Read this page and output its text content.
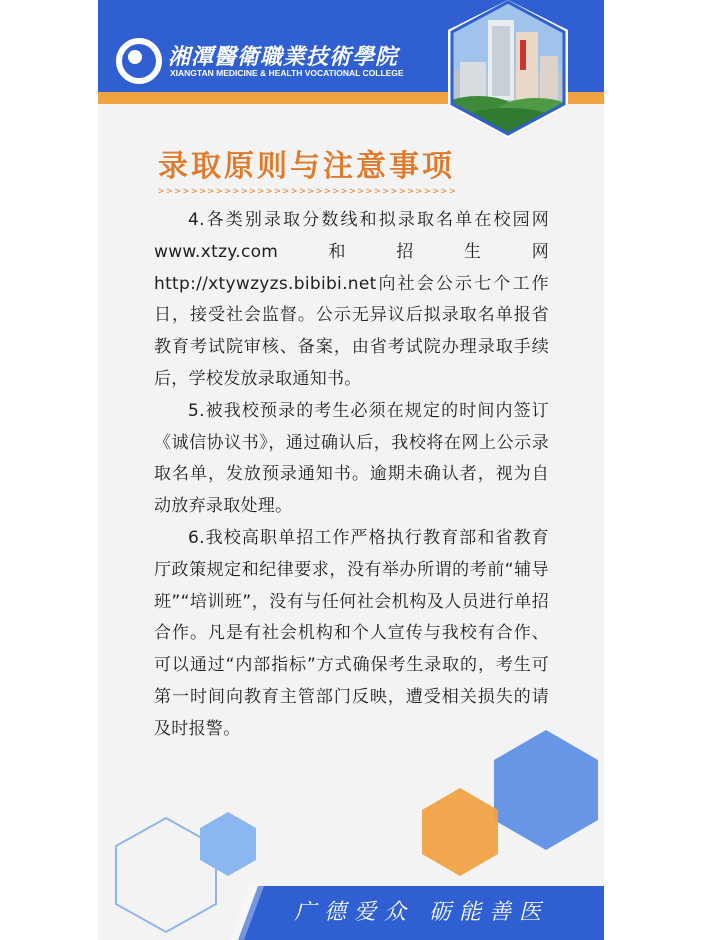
湘潭醫衛職業技術學院
XIANGTAN MEDICINE & HEALTH VOCATIONAL COLLEGE
录取原则与注意事项
>>>>>>>>>>>>>>>>>>>>>>>>>>>>>>>>>>>>

4.各类别录取分数线和拟录取名单在校园网www.xtzy.com和招生网http://xtywzyzs.bibibi.net向社会公示七个工作日，接受社会监督。公示无异议后拟录取名单报省教育考试院审核、备案，由省考试院办理录取手续后，学校发放录取通知书。

5.被我校预录的考生必须在规定的时间内签订《诚信协议书》，通过确认后，我校将在网上公示录取名单，发放预录通知书。逾期未确认者，视为自动放弃录取处理。

6.我校高职单招工作严格执行教育部和省教育厅政策规定和纪律要求，没有举办所谓的考前“辅导班”“培训班”，没有与任何社会机构及人员进行单招合作。凡是有社会机构和个人宣传与我校有合作、可以通过“内部指标”方式确保考生录取的，考生可第一时间向教育主管部门反映，遭受相关损失的请及时报警。

广德爱众 砺能善医
